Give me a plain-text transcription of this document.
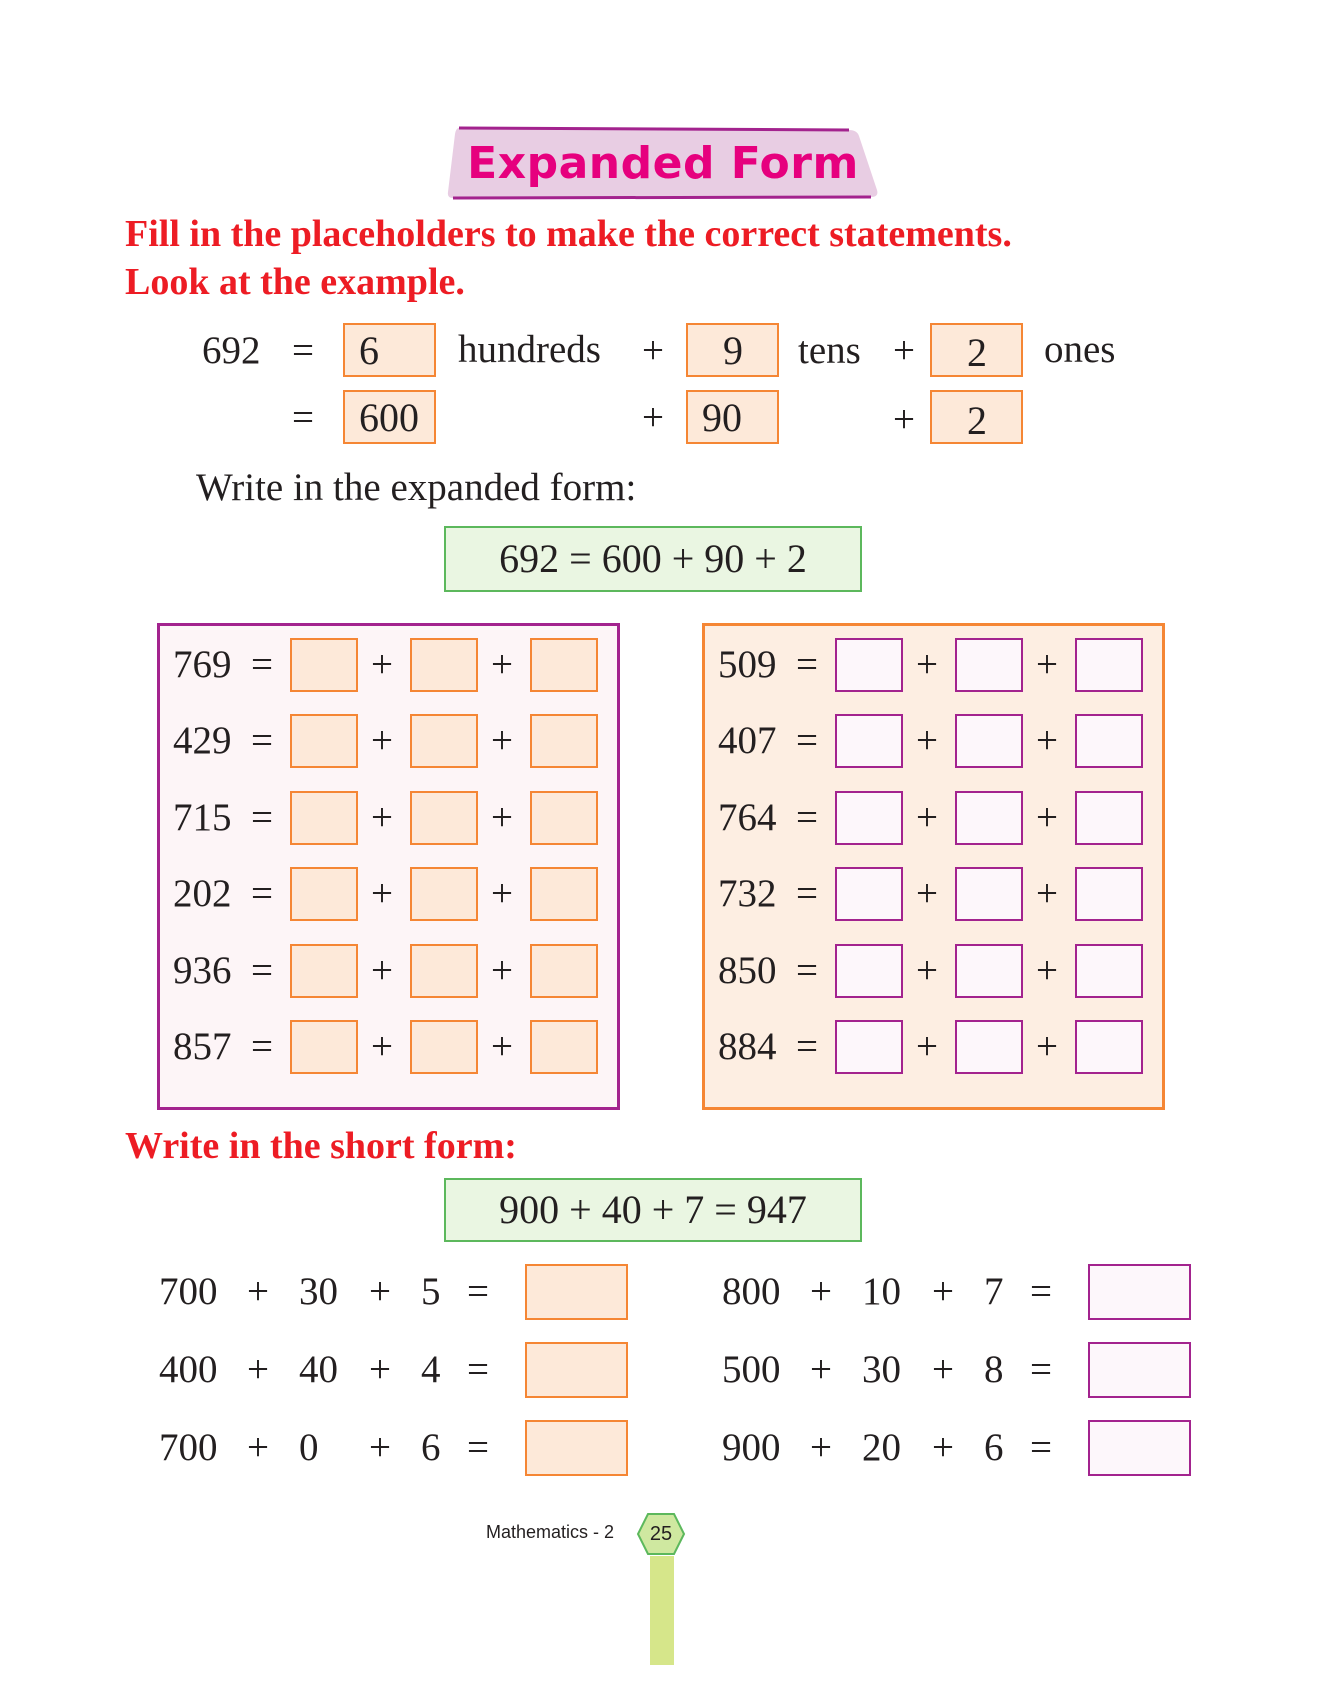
Expanded Form
Fill in the placeholders to make the correct statements.
Look at the example.
692 =	6	hundreds +	9	tens +	2	ones
=	600	+ 90	+	2
Write in the expanded form:
692 = 600 + 90 + 2
769 =	+	+
429 =	+	+
715 =	+	+
202 =	+	+
936 =	+	+
857 =	+	+
509 =	+	+
407 =	+	+
764 =	+	+
732 =	+	+
850 =	+	+
884 =	+	+
Write in the short form:
900 + 40 + 7 = 947
700 + 30 + 5 =
400 + 40 + 4 =
700 + 0 + 6 =
800 + 10 + 7 =
500 + 30 + 8 =
900 + 20 + 6 =
Mathematics - 2	25
